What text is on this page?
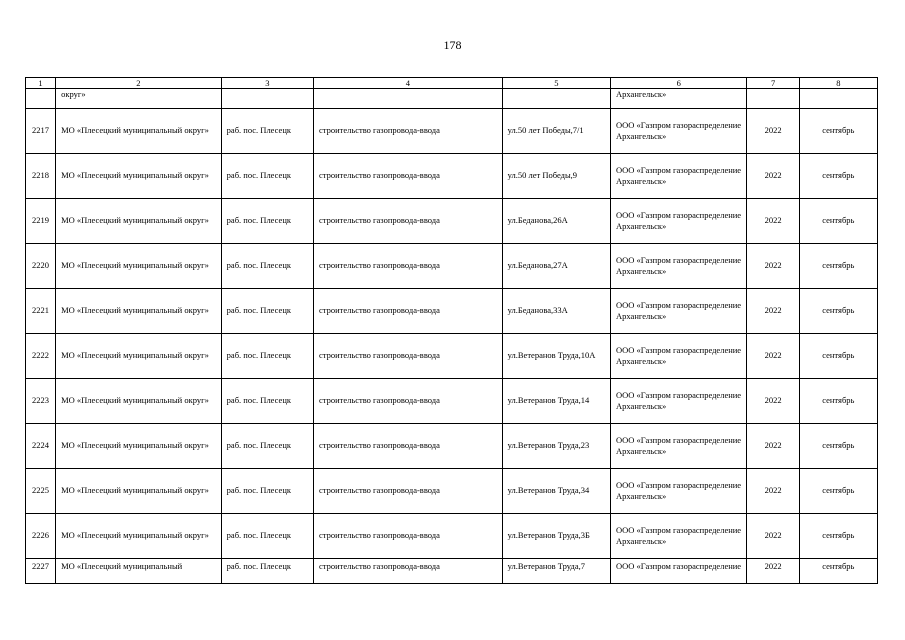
178
1	2	3	4	5	6	7	8
	округ»				Архангельск»		
2217	МО «Плесецкий муниципальный округ»	раб. пос. Плесецк	строительство газопровода-ввода	ул.50 лет Победы,7/1	ООО «Газпром газораспределение Архангельск»	2022	сентябрь
2218	МО «Плесецкий муниципальный округ»	раб. пос. Плесецк	строительство газопровода-ввода	ул.50 лет Победы,9	ООО «Газпром газораспределение Архангельск»	2022	сентябрь
2219	МО «Плесецкий муниципальный округ»	раб. пос. Плесецк	строительство газопровода-ввода	ул.Беданова,26А	ООО «Газпром газораспределение Архангельск»	2022	сентябрь
2220	МО «Плесецкий муниципальный округ»	раб. пос. Плесецк	строительство газопровода-ввода	ул.Беданова,27А	ООО «Газпром газораспределение Архангельск»	2022	сентябрь
2221	МО «Плесецкий муниципальный округ»	раб. пос. Плесецк	строительство газопровода-ввода	ул.Беданова,33А	ООО «Газпром газораспределение Архангельск»	2022	сентябрь
2222	МО «Плесецкий муниципальный округ»	раб. пос. Плесецк	строительство газопровода-ввода	ул.Ветеранов Труда,10А	ООО «Газпром газораспределение Архангельск»	2022	сентябрь
2223	МО «Плесецкий муниципальный округ»	раб. пос. Плесецк	строительство газопровода-ввода	ул.Ветеранов Труда,14	ООО «Газпром газораспределение Архангельск»	2022	сентябрь
2224	МО «Плесецкий муниципальный округ»	раб. пос. Плесецк	строительство газопровода-ввода	ул.Ветеранов Труда,23	ООО «Газпром газораспределение Архангельск»	2022	сентябрь
2225	МО «Плесецкий муниципальный округ»	раб. пос. Плесецк	строительство газопровода-ввода	ул.Ветеранов Труда,34	ООО «Газпром газораспределение Архангельск»	2022	сентябрь
2226	МО «Плесецкий муниципальный округ»	раб. пос. Плесецк	строительство газопровода-ввода	ул.Ветеранов Труда,3Б	ООО «Газпром газораспределение Архангельск»	2022	сентябрь
2227	МО «Плесецкий муниципальный	раб. пос. Плесецк	строительство газопровода-ввода	ул.Ветеранов Труда,7	ООО «Газпром газораспределение	2022	сентябрь
